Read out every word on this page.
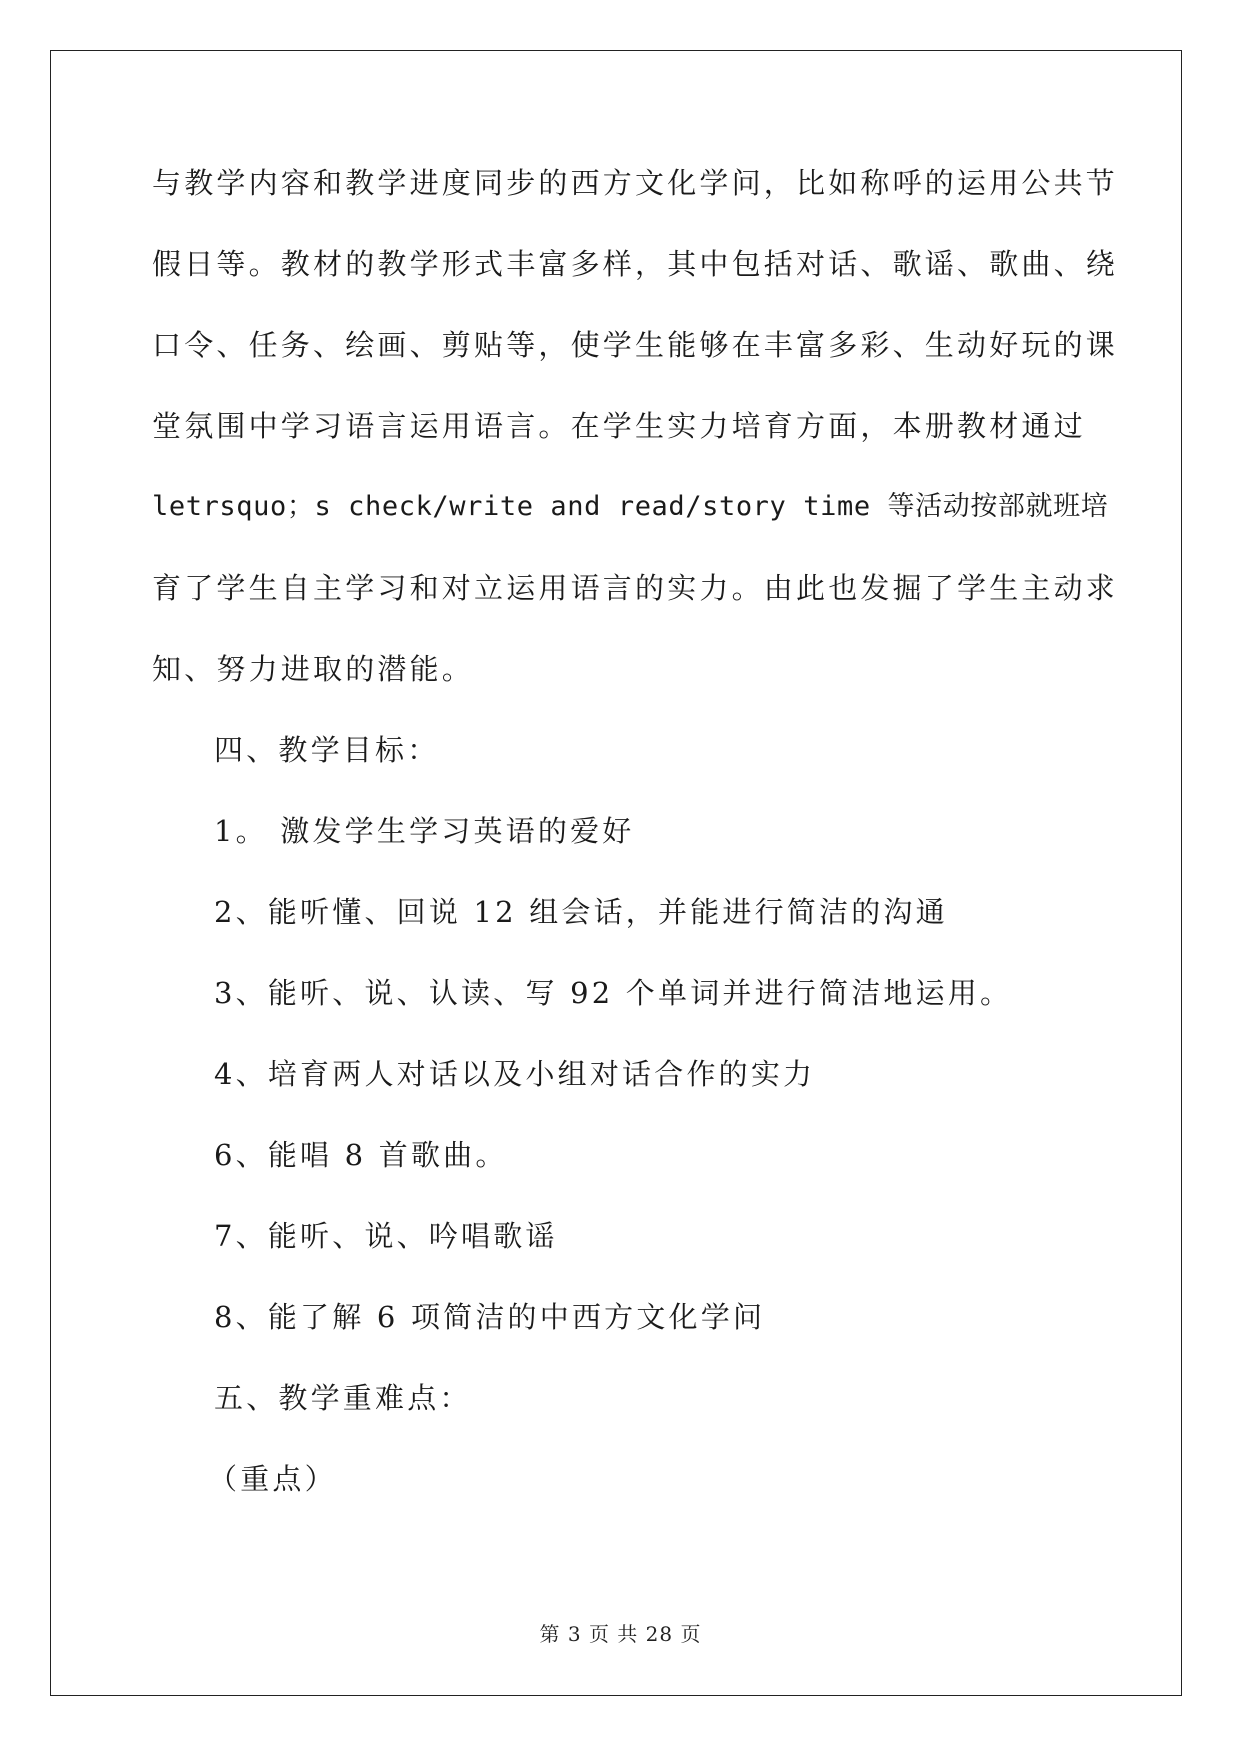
与教学内容和教学进度同步的西方文化学问，比如称呼的运用公共节
假日等。教材的教学形式丰富多样，其中包括对话、歌谣、歌曲、绕
口令、任务、绘画、剪贴等，使学生能够在丰富多彩、生动好玩的课
堂氛围中学习语言运用语言。在学生实力培育方面，本册教材通过
letrsquo；s check/write and read/story time 等活动按部就班培
育了学生自主学习和对立运用语言的实力。由此也发掘了学生主动求
知、努力进取的潜能。
四、教学目标：
1。 激发学生学习英语的爱好
2、能听懂、回说 12 组会话，并能进行简洁的沟通
3、能听、说、认读、写 92 个单词并进行简洁地运用。
4、培育两人对话以及小组对话合作的实力
6、能唱 8 首歌曲。
7、能听、说、吟唱歌谣
8、能了解 6 项简洁的中西方文化学问
五、教学重难点：
（重点）
第 3 页 共 28 页
